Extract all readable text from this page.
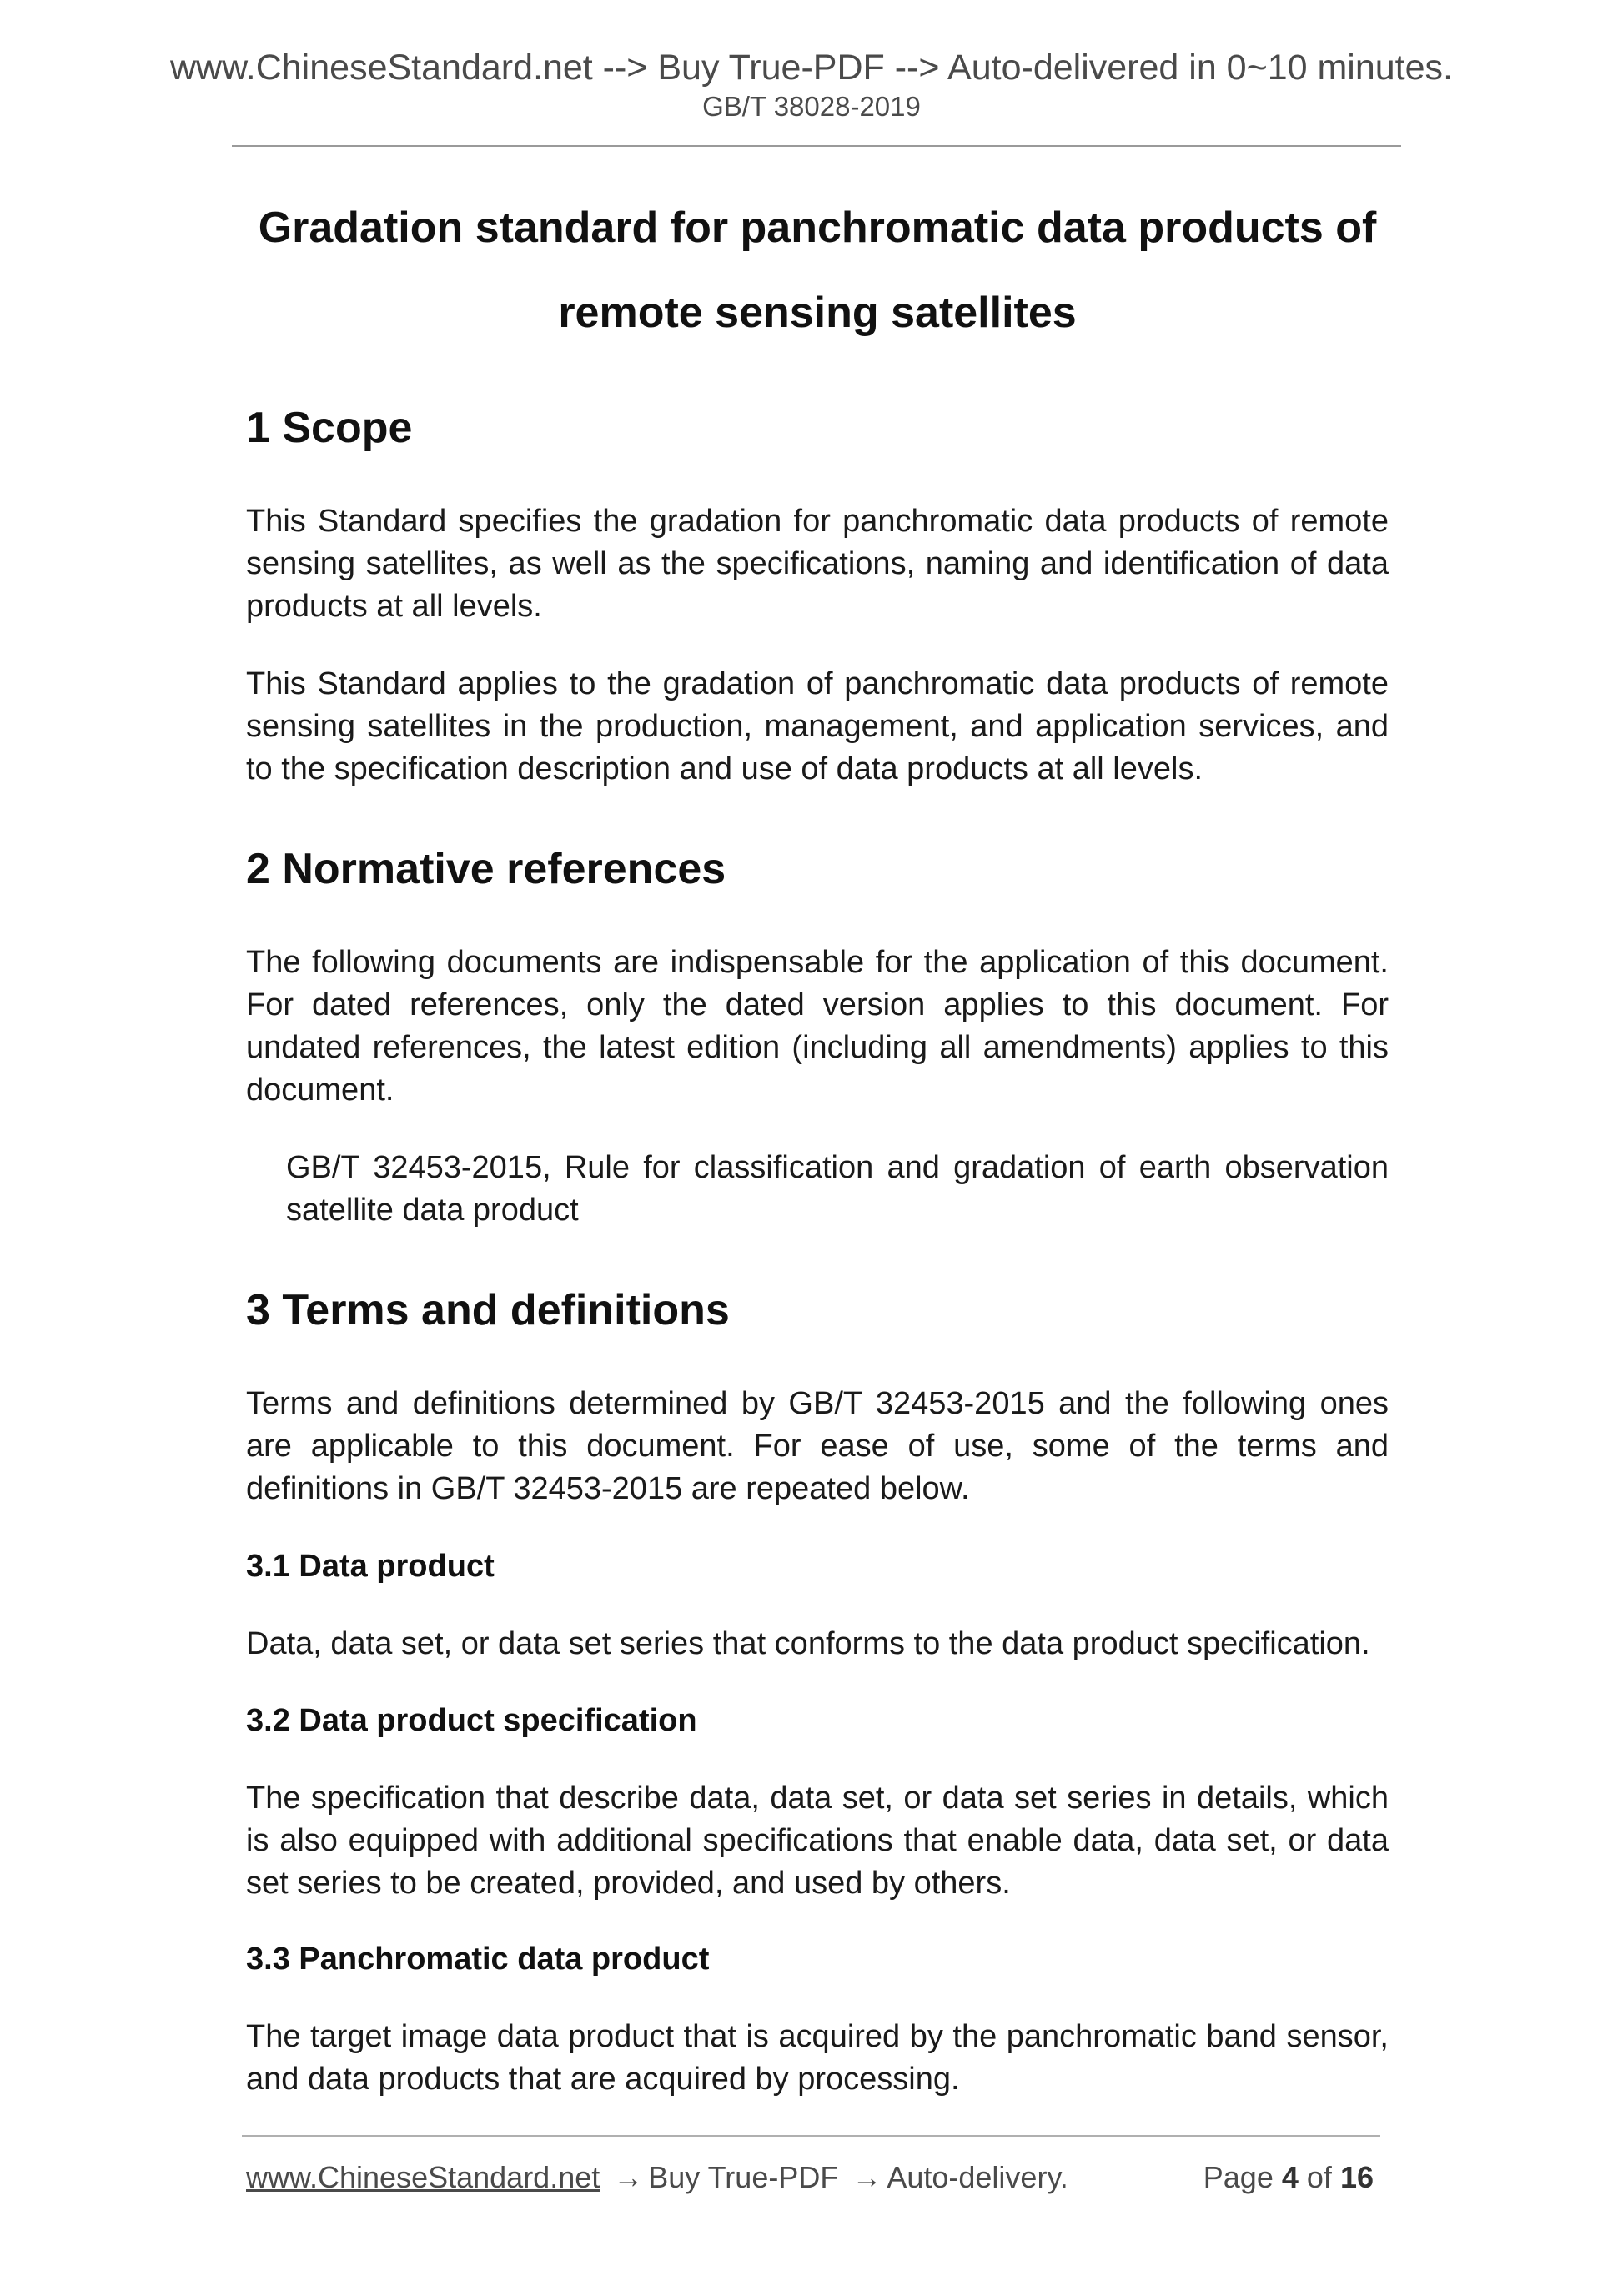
www.ChineseStandard.net --> Buy True-PDF --> Auto-delivered in 0~10 minutes.
GB/T 38028-2019
Gradation standard for panchromatic data products of
remote sensing satellites
1 Scope
This Standard specifies the gradation for panchromatic data products of remote sensing satellites, as well as the specifications, naming and identification of data products at all levels.
This Standard applies to the gradation of panchromatic data products of remote sensing satellites in the production, management, and application services, and to the specification description and use of data products at all levels.
2 Normative references
The following documents are indispensable for the application of this document. For dated references, only the dated version applies to this document. For undated references, the latest edition (including all amendments) applies to this document.
GB/T 32453-2015, Rule for classification and gradation of earth observation satellite data product
3 Terms and definitions
Terms and definitions determined by GB/T 32453-2015 and the following ones are applicable to this document. For ease of use, some of the terms and definitions in GB/T 32453-2015 are repeated below.
3.1 Data product
Data, data set, or data set series that conforms to the data product specification.
3.2 Data product specification
The specification that describe data, data set, or data set series in details, which is also equipped with additional specifications that enable data, data set, or data set series to be created, provided, and used by others.
3.3 Panchromatic data product
The target image data product that is acquired by the panchromatic band sensor, and data products that are acquired by processing.
www.ChineseStandard.net → Buy True-PDF → Auto-delivery.	Page 4 of 16
